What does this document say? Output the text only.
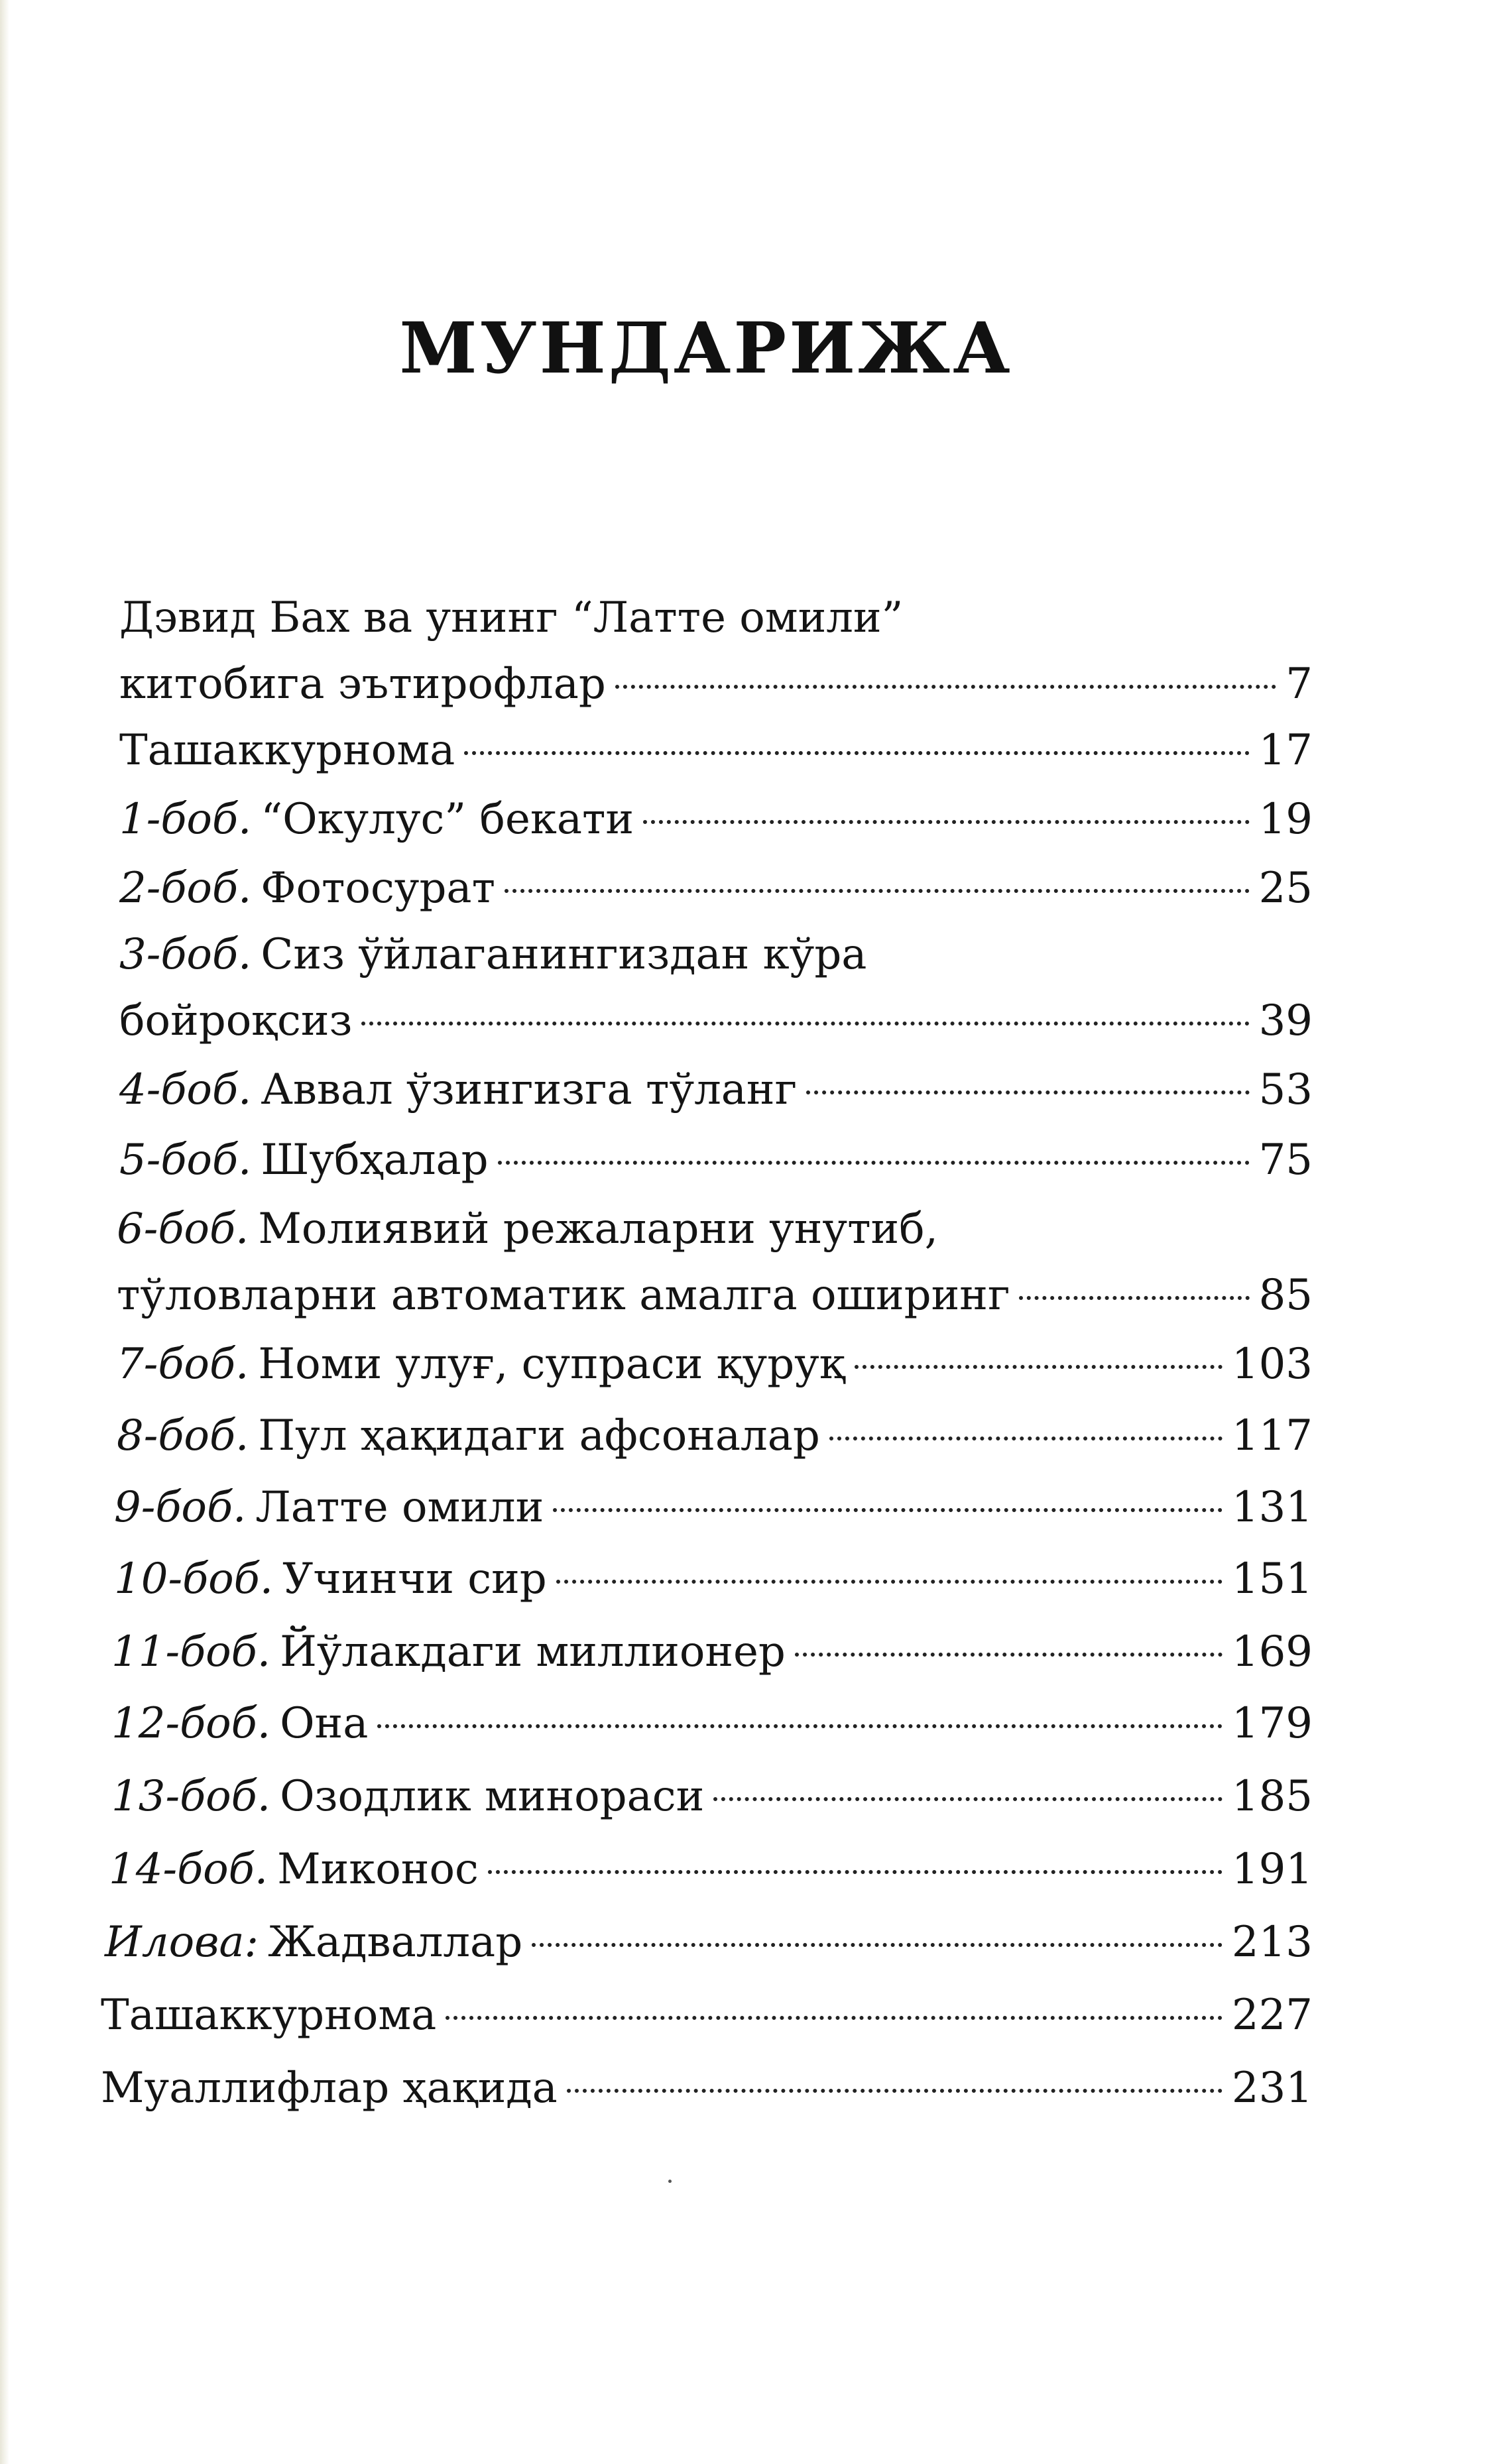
МУНДАРИЖА
Дэвид Бах ва унинг “Латте омили”
китобига эътирофлар	7
Ташаккурнома	17
1-боб. “Окулус” бекати	19
2-боб. Фотосурат	25
3-боб. Сиз ўйлаганингиздан кўра
бойроқсиз	39
4-боб. Аввал ўзингизга тўланг	53
5-боб. Шубҳалар	75
6-боб. Молиявий режаларни унутиб,
тўловларни автоматик амалга оширинг	85
7-боб. Номи улуғ, супраси қуруқ	103
8-боб. Пул ҳақидаги афсоналар	117
9-боб. Латте омили	131
10-боб. Учинчи сир	151
11-боб. Йўлакдаги миллионер	169
12-боб. Она	179
13-боб. Озодлик минораси	185
14-боб. Миконос	191
Илова: Жадваллар	213
Ташаккурнома	227
Муаллифлар ҳақида	231
